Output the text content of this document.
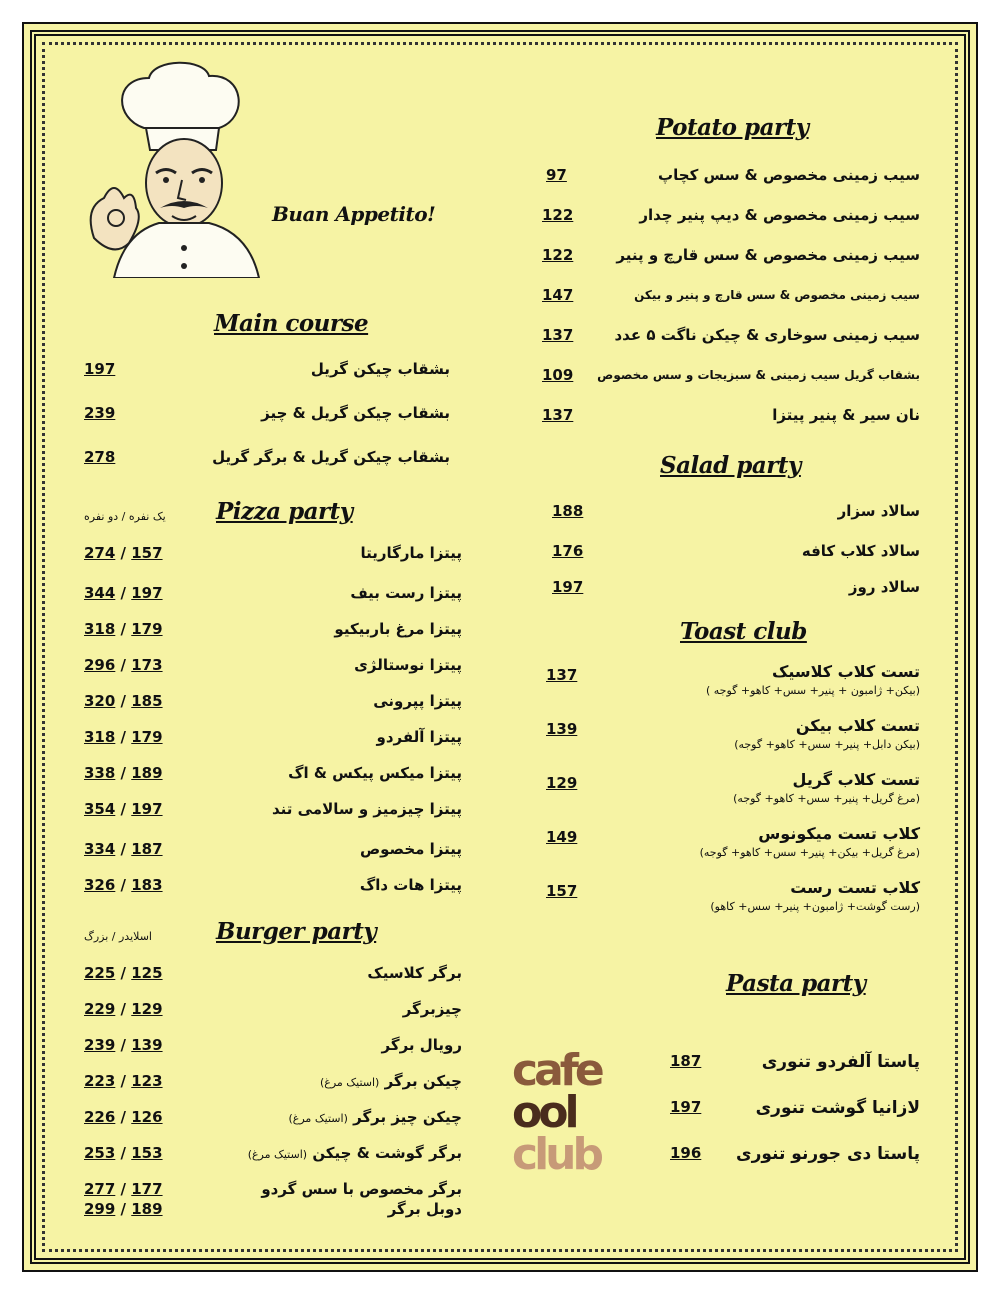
Buan Appetito!
Main course
یک نفره / دو نفره Pizza party
اسلایدر / بزرگ	Burger party
Potato party
Salad party
Toast club
Pasta party
cafe
ool
club
بشقاب چیکن گریل
197
بشقاب چیکن گریل & چیز
239
بشقاب چیکن گریل & برگر گریل
278
پیتزا مارگاریتا
274 / 157
پیتزا رست بیف
344 / 197
پیتزا مرغ باربیکیو
318 / 179
پیتزا نوستالژی
296 / 173
پیتزا پپرونی
320 / 185
پیتزا آلفردو
318 / 179
پیتزا میکس پیکس & اگ
338 / 189
پیتزا چیزمیز و سالامی تند
354 / 197
پیتزا مخصوص
334 / 187
پیتزا هات داگ
326 / 183
برگر کلاسیک
225 / 125
چیزبرگر
229 / 129
رویال برگر
239 / 139
چیکن برگر (استیک مرغ)
223 / 123
چیکن چیز برگر (استیک مرغ)
226 / 126
برگر گوشت & چیکن (استیک مرغ)
253 / 153
برگر مخصوص با سس گردو
277 / 177
دوبل برگر
299 / 189
سیب زمینی مخصوص & سس کچاپ
97
سیب زمینی مخصوص & دیپ پنیر چدار
122
سیب زمینی مخصوص & سس قارچ و پنیر
122
سیب زمینی مخصوص & سس قارچ و پنیر و بیکن
147
سیب زمینی سوخاری & چیکن ناگت ۵ عدد
137
بشقاب گریل سیب زمینی & سبزیجات و سس مخصوص
109
نان سیر & پنیر پیتزا
137
سالاد سزار
188
سالاد کلاب کافه
176
سالاد روز
197
تست کلاب کلاسیک
(بیکن+ ژامبون + پنیر+ سس+ کاهو+ گوجه )
137
تست کلاب بیکن
(بیکن دابل+ پنیر+ سس+ کاهو+ گوجه)
139
تست کلاب گریل
(مرغ گریل+ پنیر+ سس+ کاهو+ گوجه)
129
کلاب تست میکونوس
(مرغ گریل+ بیکن+ پنیر+ سس+ کاهو+ گوجه)
149
کلاب تست رست
(رست گوشت+ ژامبون+ پنیر+ سس+ کاهو)
157
پاستا آلفردو تنوری
187
لازانیا گوشت تنوری
197
پاستا دی جورنو تنوری
196
